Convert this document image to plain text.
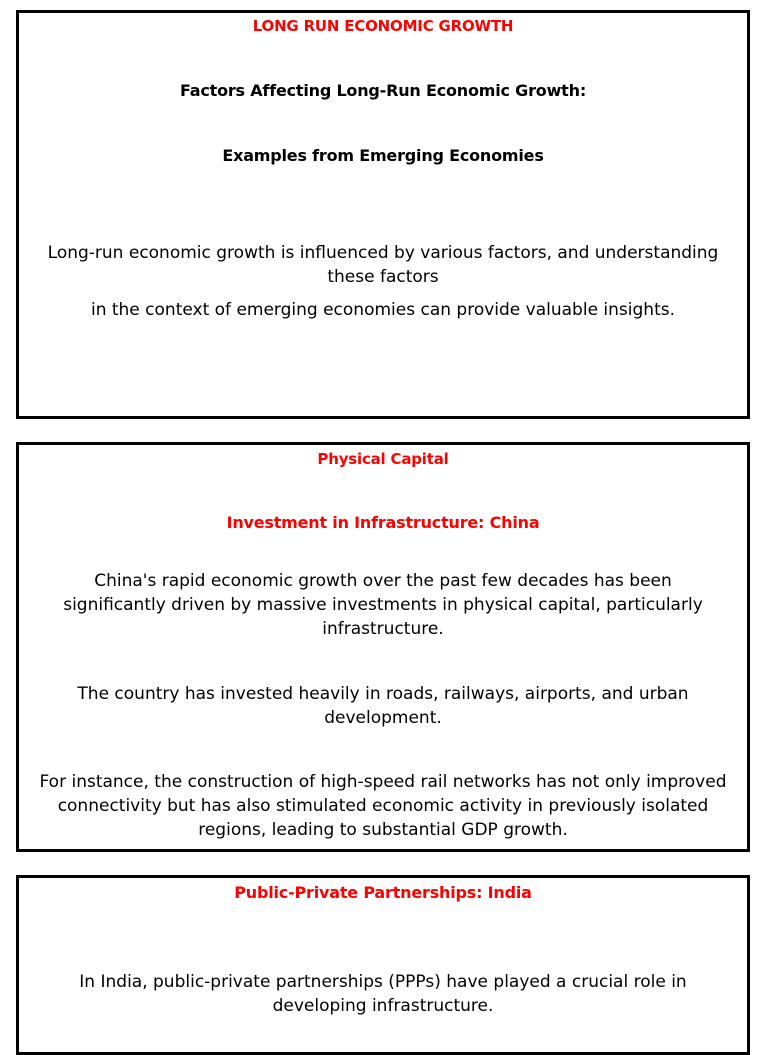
LONG RUN ECONOMIC GROWTH
Factors Affecting Long-Run Economic Growth:
Examples from Emerging Economies
Long-run economic growth is influenced by various factors, and understanding these factors
in the context of emerging economies can provide valuable insights.
Physical Capital
Investment in Infrastructure: China
China's rapid economic growth over the past few decades has been significantly driven by massive investments in physical capital, particularly infrastructure.
The country has invested heavily in roads, railways, airports, and urban development.
For instance, the construction of high-speed rail networks has not only improved connectivity but has also stimulated economic activity in previously isolated regions, leading to substantial GDP growth.
Public-Private Partnerships: India
In India, public-private partnerships (PPPs) have played a crucial role in developing infrastructure.
